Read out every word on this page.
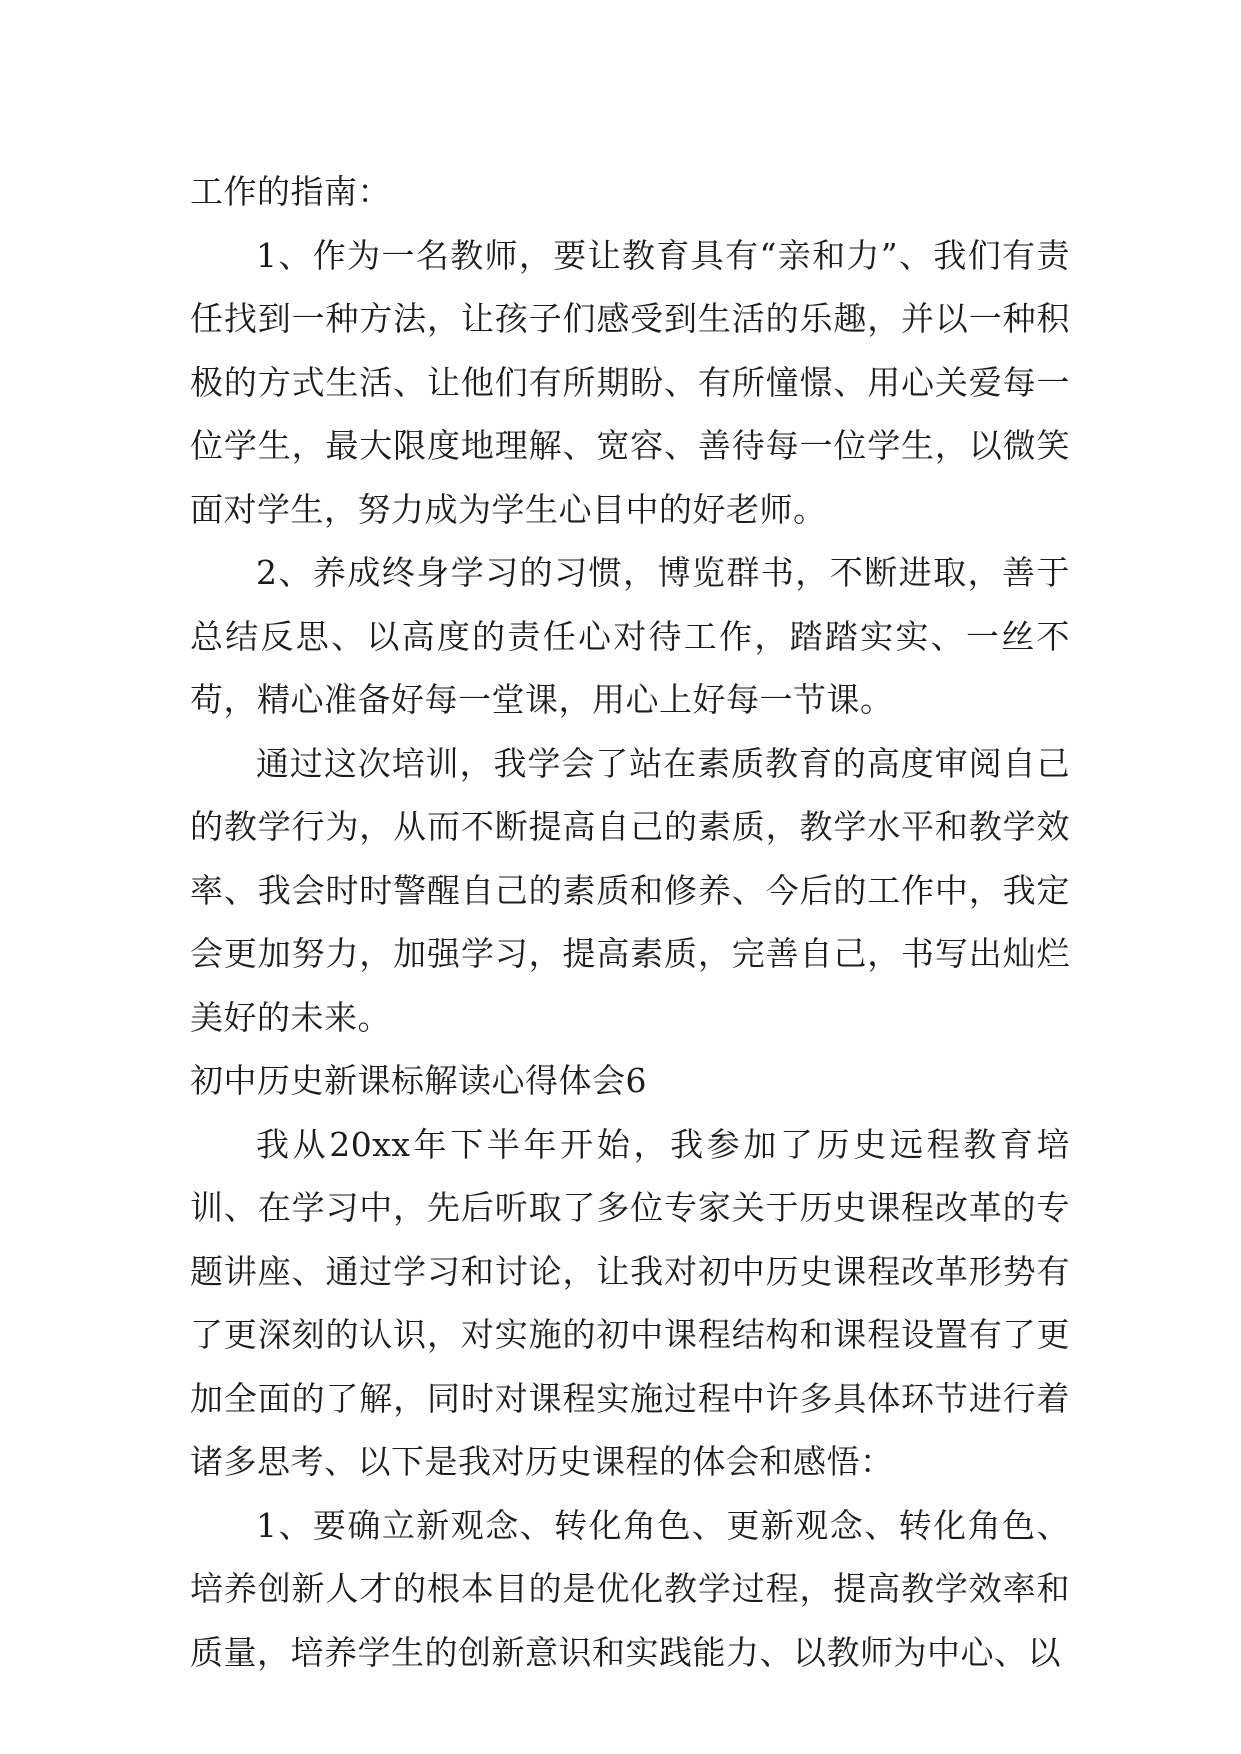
工作的指南：

1、作为一名教师，要让教育具有“亲和力”、我们有责任找到一种方法，让孩子们感受到生活的乐趣，并以一种积极的方式生活、让他们有所期盼、有所憧憬、用心关爱每一位学生，最大限度地理解、宽容、善待每一位学生，以微笑面对学生，努力成为学生心目中的好老师。

2、养成终身学习的习惯，博览群书，不断进取，善于总结反思、以高度的责任心对待工作，踏踏实实、一丝不苟，精心准备好每一堂课，用心上好每一节课。

通过这次培训，我学会了站在素质教育的高度审阅自己的教学行为，从而不断提高自己的素质，教学水平和教学效率、我会时时警醒自己的素质和修养、今后的工作中，我定会更加努力，加强学习，提高素质，完善自己，书写出灿烂美好的未来。

初中历史新课标解读心得体会6

我从20xx年下半年开始，我参加了历史远程教育培训、在学习中，先后听取了多位专家关于历史课程改革的专题讲座、通过学习和讨论，让我对初中历史课程改革形势有了更深刻的认识，对实施的初中课程结构和课程设置有了更加全面的了解，同时对课程实施过程中许多具体环节进行着诸多思考、以下是我对历史课程的体会和感悟：

1、要确立新观念、转化角色、更新观念、转化角色、培养创新人才的根本目的是优化教学过程，提高教学效率和质量，培养学生的创新意识和实践能力、以教师为中心、以
